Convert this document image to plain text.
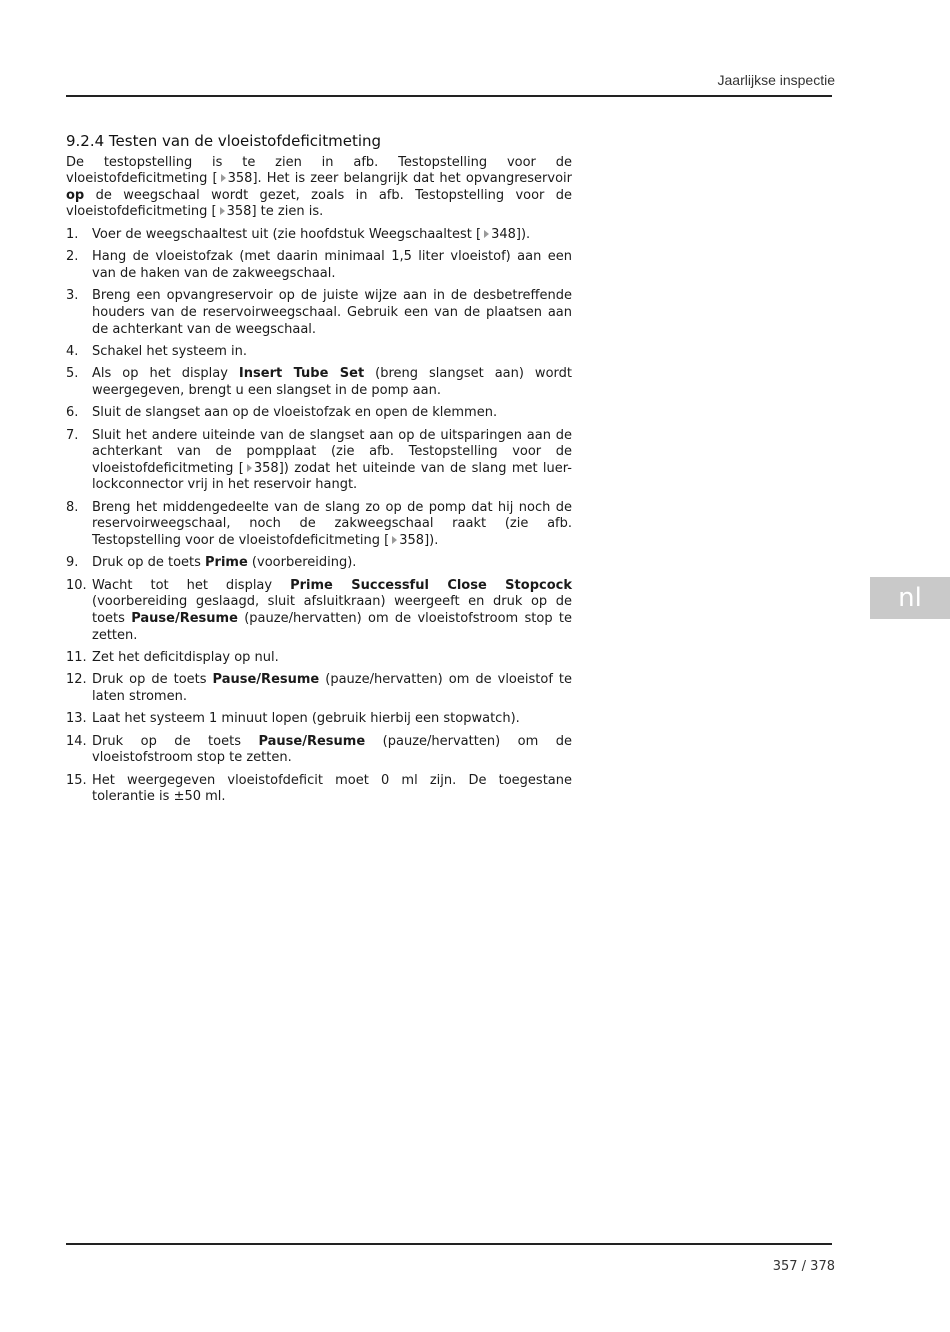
Jaarlijkse inspectie
9.2.4 Testen van de vloeistofdeficitmeting

De testopstelling is te zien in afb. Testopstelling voor de vloeistofdeficitmeting [ 358]. Het is zeer belangrijk dat het opvangreservoir op de weegschaal wordt gezet, zoals in afb. Testopstelling voor de vloeistofdeficitmeting [ 358] te zien is.

1.	Voer de weegschaaltest uit (zie hoofdstuk Weegschaaltest [ 348]).
2.	Hang de vloeistofzak (met daarin minimaal 1,5 liter vloeistof) aan een van de haken van de zakweegschaal.
3.	Breng een opvangreservoir op de juiste wijze aan in de desbetreffende houders van de reservoirweegschaal. Gebruik een van de plaatsen aan de achterkant van de weegschaal.
4.	Schakel het systeem in.
5.	Als op het display Insert Tube Set (breng slangset aan) wordt weergegeven, brengt u een slangset in de pomp aan.
6.	Sluit de slangset aan op de vloeistofzak en open de klemmen.
7.	Sluit het andere uiteinde van de slangset aan op de uitsparingen aan de achterkant van de pompplaat (zie afb. Testopstelling voor de vloeistofdeficitmeting [ 358]) zodat het uiteinde van de slang met luer-lockconnector vrij in het reservoir hangt.
8.	Breng het middengedeelte van de slang zo op de pomp dat hij noch de reservoirweegschaal, noch de zakweegschaal raakt (zie afb. Testopstelling voor de vloeistofdeficitmeting [ 358]).
9.	Druk op de toets Prime (voorbereiding).
10. Wacht tot het display Prime Successful Close Stopcock (voorbereiding geslaagd, sluit afsluitkraan) weergeeft en druk op de toets Pause/Resume (pauze/hervatten) om de vloeistofstroom stop te zetten.
11. Zet het deficitdisplay op nul.
12. Druk op de toets Pause/Resume (pauze/hervatten) om de vloeistof te laten stromen.
13. Laat het systeem 1 minuut lopen (gebruik hierbij een stopwatch).
14. Druk op de toets Pause/Resume (pauze/hervatten) om de vloeistofstroom stop te zetten.
15. Het weergegeven vloeistofdeficit moet 0 ml zijn. De toegestane tolerantie is ±50 ml.
nl
357 / 378
